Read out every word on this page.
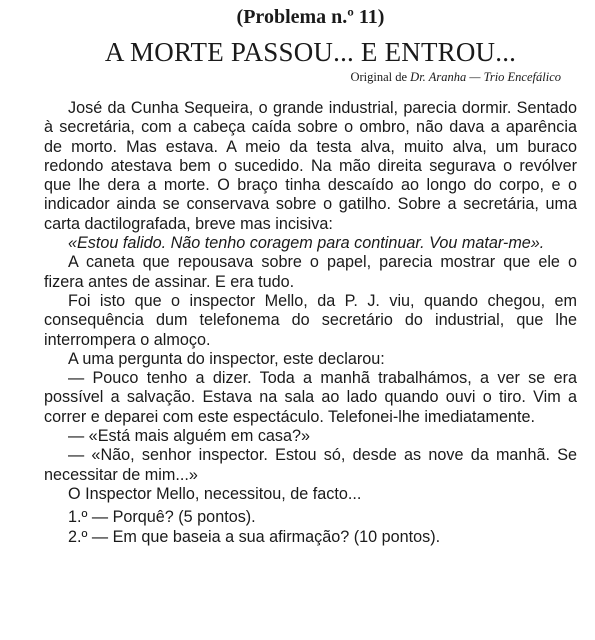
(Problema n.º 11)
A MORTE PASSOU... E ENTROU...
Original de Dr. Aranha — Trio Encefálico

José da Cunha Sequeira, o grande industrial, parecia dormir. Sentado à secretária, com a cabeça caída sobre o ombro, não dava a aparência de morto. Mas estava. A meio da testa alva, muito alva, um buraco redondo atestava bem o sucedido. Na mão direita segurava o revólver que lhe dera a morte. O braço tinha descaído ao longo do corpo, e o indicador ainda se conservava sobre o gatilho. Sobre a secretária, uma carta dactilografada, breve mas incisiva:

«Estou falido. Não tenho coragem para continuar. Vou matar-me».

A caneta que repousava sobre o papel, parecia mostrar que ele o fizera antes de assinar. E era tudo.

Foi isto que o inspector Mello, da P. J. viu, quando chegou, em consequência dum telefonema do secretário do industrial, que lhe interrompera o almoço.

A uma pergunta do inspector, este declarou:

— Pouco tenho a dizer. Toda a manhã trabalhámos, a ver se era possível a salvação. Estava na sala ao lado quando ouvi o tiro. Vim a correr e deparei com este espectáculo. Telefonei-lhe imediatamente.

— «Está mais alguém em casa?»

— «Não, senhor inspector. Estou só, desde as nove da manhã. Se necessitar de mim...»

O Inspector Mello, necessitou, de facto...

1.º — Porquê? (5 pontos).

2.º — Em que baseia a sua afirmação? (10 pontos).
